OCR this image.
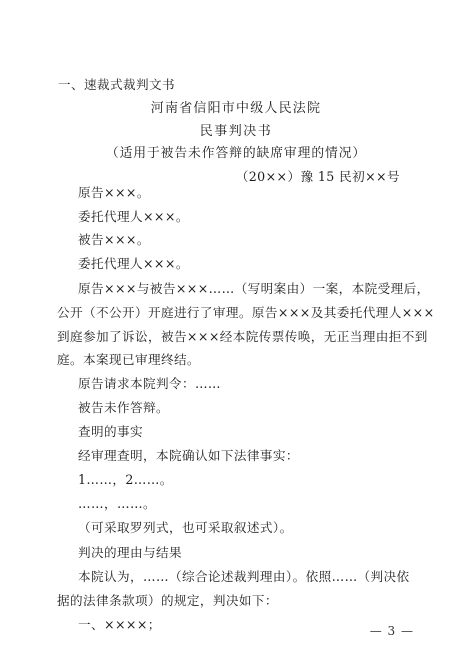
一、速裁式裁判文书
河南省信阳市中级人民法院
民事判决书
（适用于被告未作答辩的缺席审理的情况）
（20××）豫 15 民初××号
原告×××。
委托代理人×××。
被告×××。
委托代理人×××。
原告×××与被告×××……（写明案由）一案，本院受理后，
公开（不公开）开庭进行了审理。原告×××及其委托代理人×××
到庭参加了诉讼，被告×××经本院传票传唤，无正当理由拒不到
庭。本案现已审理终结。
原告请求本院判令：……
被告未作答辩。
查明的事实
经审理查明，本院确认如下法律事实：
1……，2……。
……，……。
（可采取罗列式，也可采取叙述式）。
判决的理由与结果
本院认为，……（综合论述裁判理由）。依照……（判决依
据的法律条款项）的规定，判决如下：
一、××××；	— 3 —
